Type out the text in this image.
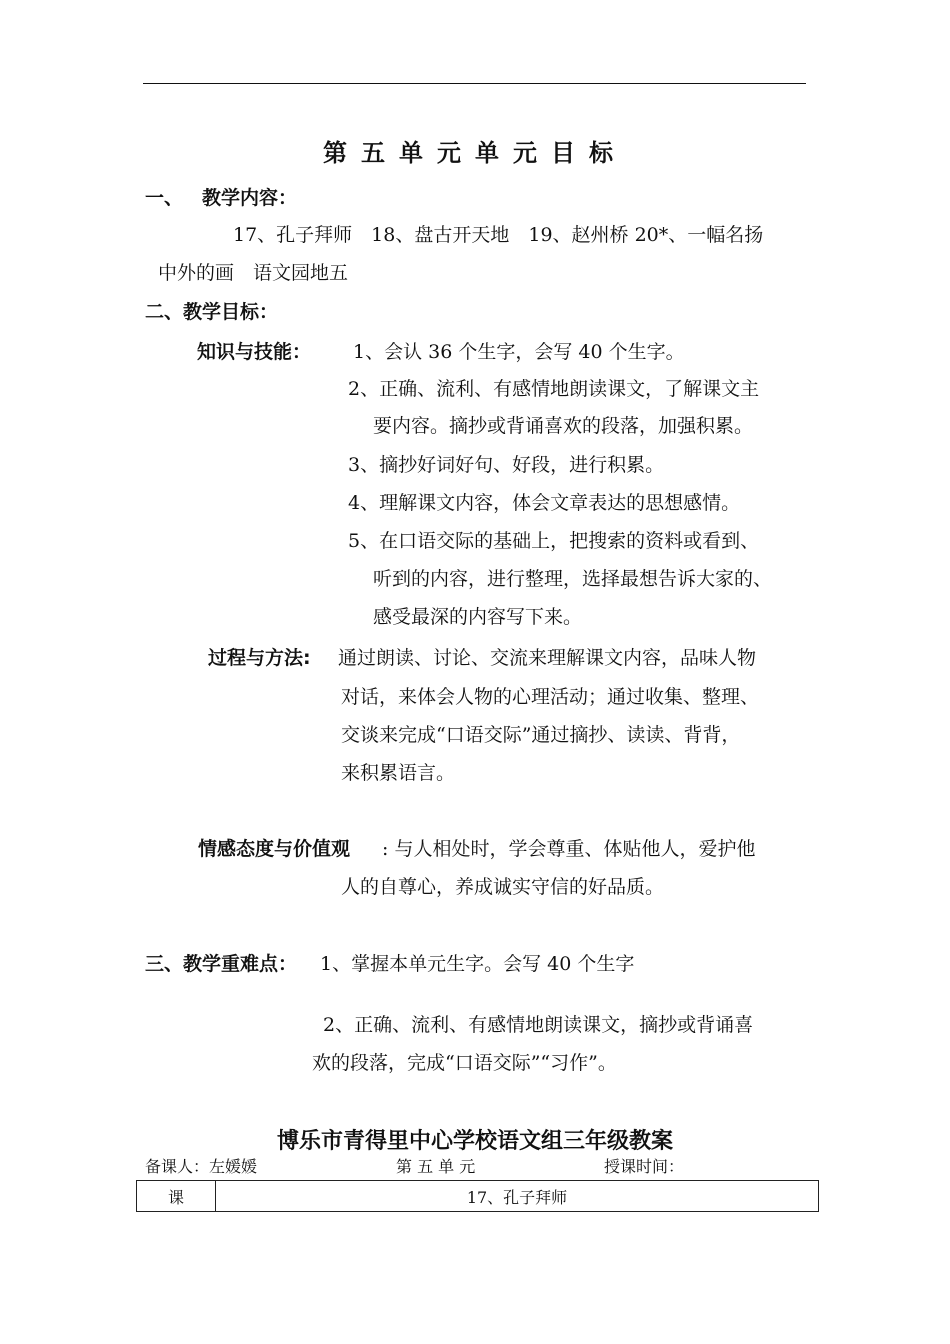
第五单元单元目标
一、 教学内容：
17、孔子拜师　18、盘古开天地　19、赵州桥 20*、一幅名扬
中外的画　语文园地五
二、教学目标：
知识与技能： 1、会认 36 个生字，会写 40 个生字。
2、正确、流利、有感情地朗读课文，了解课文主
要内容。摘抄或背诵喜欢的段落，加强积累。
3、摘抄好词好句、好段，进行积累。
4、理解课文内容，体会文章表达的思想感情。
5、在口语交际的基础上，把搜索的资料或看到、
听到的内容，进行整理，选择最想告诉大家的、
感受最深的内容写下来。
过程与方法: 通过朗读、讨论、交流来理解课文内容，品味人物
对话，来体会人物的心理活动；通过收集、整理、
交谈来完成“口语交际”通过摘抄、读读、背背，
来积累语言。
情感态度与价值观 : 与人相处时，学会尊重、体贴他人，爱护他
人的自尊心，养成诚实守信的好品质。
三、教学重难点： 1、掌握本单元生字。会写 40 个生字
2、正确、流利、有感情地朗读课文，摘抄或背诵喜
欢的段落，完成“口语交际”“习作”。
博乐市青得里中心学校语文组三年级教案
备课人：左媛媛	第 五 单 元	授课时间：
课	17、孔子拜师
